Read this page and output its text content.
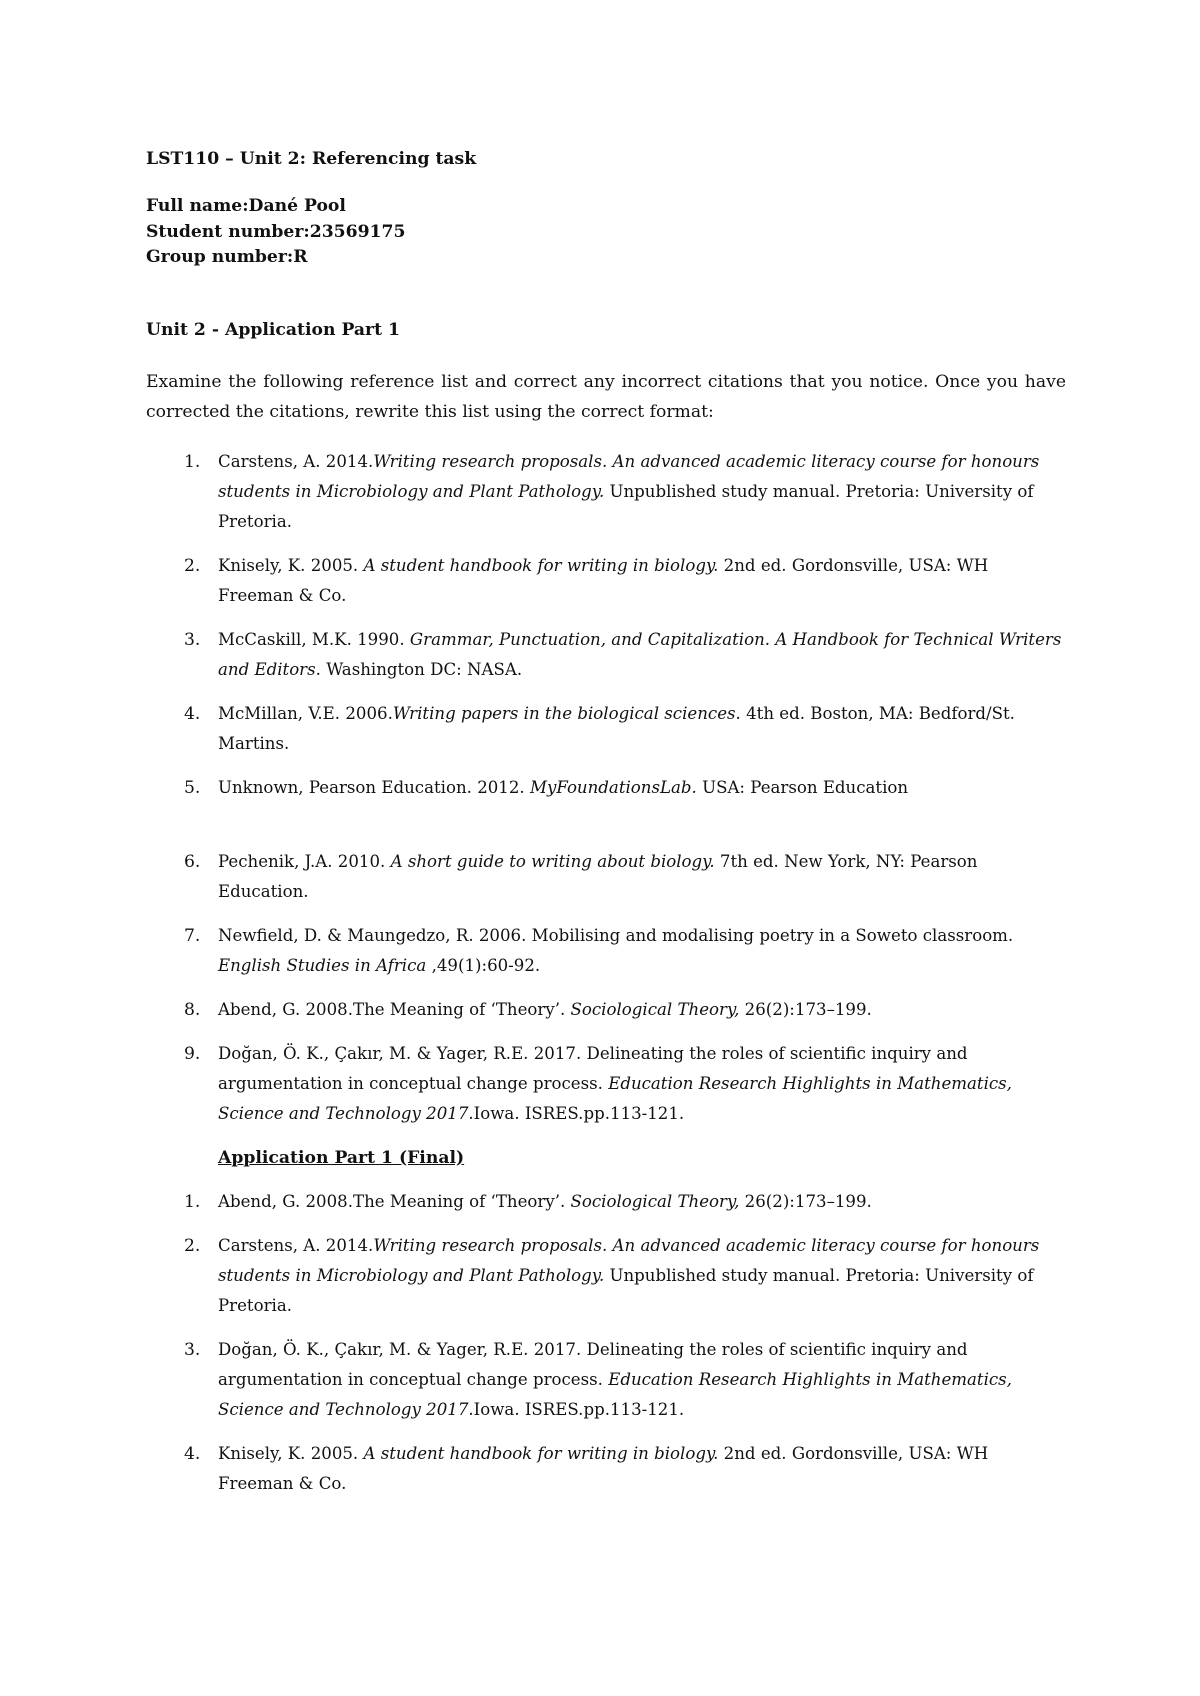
LST110 – Unit 2: Referencing task
Full name:Dané Pool
Student number:23569175
Group number:R
Unit 2 - Application Part 1
Examine the following reference list and correct any incorrect citations that you notice. Once you have corrected the citations, rewrite this list using the correct format:
1. Carstens, A. 2014.Writing research proposals. An advanced academic literacy course for honours students in Microbiology and Plant Pathology. Unpublished study manual. Pretoria: University of Pretoria.
2. Knisely, K. 2005. A student handbook for writing in biology. 2nd ed. Gordonsville, USA: WH Freeman & Co.
3. McCaskill, M.K. 1990. Grammar, Punctuation, and Capitalization. A Handbook for Technical Writers and Editors. Washington DC: NASA.
4. McMillan, V.E. 2006.Writing papers in the biological sciences. 4th ed. Boston, MA: Bedford/St. Martins.
5. Unknown, Pearson Education. 2012. MyFoundationsLab. USA: Pearson Education
6. Pechenik, J.A. 2010. A short guide to writing about biology. 7th ed. New York, NY: Pearson Education.
7. Newfield, D. & Maungedzo, R. 2006. Mobilising and modalising poetry in a Soweto classroom. English Studies in Africa ,49(1):60-92.
8. Abend, G. 2008.The Meaning of ‘Theory’. Sociological Theory, 26(2):173–199.
9. Doğan, Ö. K., Çakır, M. & Yager, R.E. 2017. Delineating the roles of scientific inquiry and argumentation in conceptual change process. Education Research Highlights in Mathematics, Science and Technology 2017.Iowa. ISRES.pp.113-121.
Application Part 1 (Final)
1. Abend, G. 2008.The Meaning of ‘Theory’. Sociological Theory, 26(2):173–199.
2. Carstens, A. 2014.Writing research proposals. An advanced academic literacy course for honours students in Microbiology and Plant Pathology. Unpublished study manual. Pretoria: University of Pretoria.
3. Doğan, Ö. K., Çakır, M. & Yager, R.E. 2017. Delineating the roles of scientific inquiry and argumentation in conceptual change process. Education Research Highlights in Mathematics, Science and Technology 2017.Iowa. ISRES.pp.113-121.
4. Knisely, K. 2005. A student handbook for writing in biology. 2nd ed. Gordonsville, USA: WH Freeman & Co.
